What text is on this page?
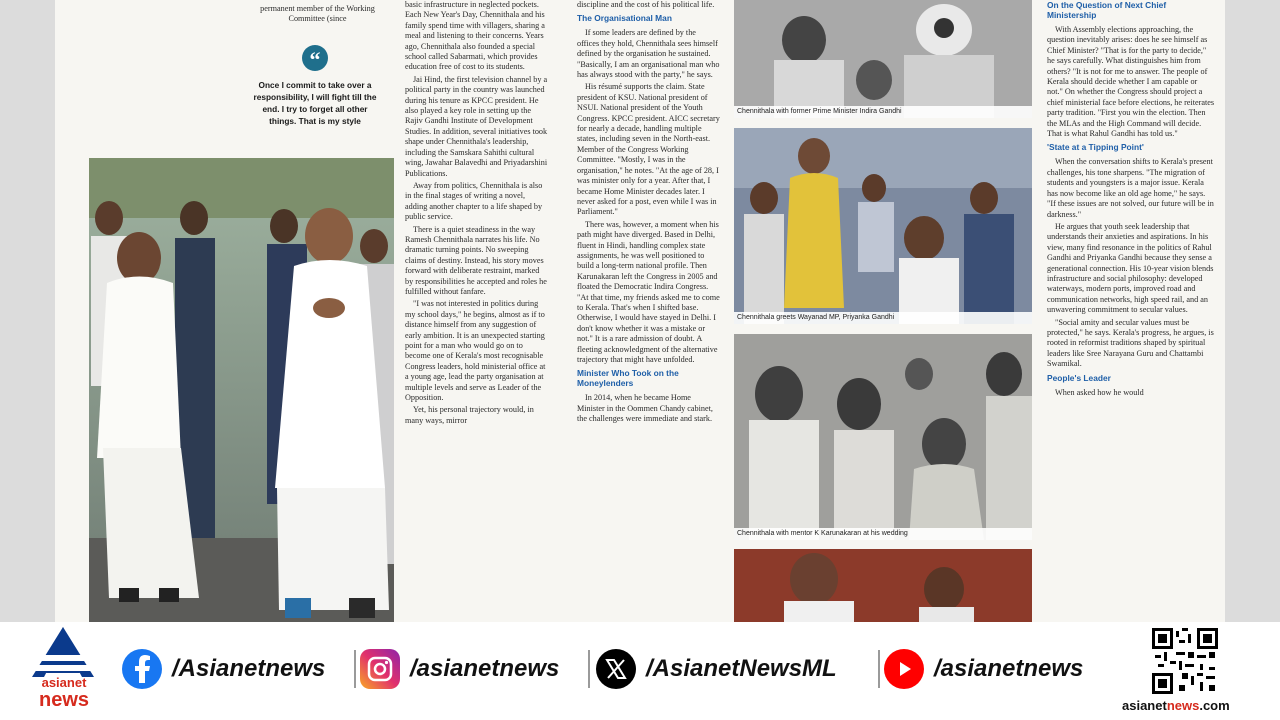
permanent member of the Working Committee (since
“
Once I commit to take over a responsibility, I will fight till the end. I try to forget all other things. That is my style

basic infrastructure in neglected pockets. Each New Year's Day, Chennithala and his family spend time with villagers, sharing a meal and listening to their concerns. Years ago, Chennithala also founded a special school called Sabarmati, which provides education free of cost to its students.

Jai Hind, the first television channel by a political party in the country was launched during his tenure as KPCC president. He also played a key role in setting up the Rajiv Gandhi Institute of Development Studies. In addition, several initiatives took shape under Chennithala's leadership, including the Samskara Sahithi cultural wing, Jawahar Balavedhi and Priyadarshini Publications.

Away from politics, Chennithala is also in the final stages of writing a novel, adding another chapter to a life shaped by public service.

There is a quiet steadiness in the way Ramesh Chennithala narrates his life. No dramatic turning points. No sweeping claims of destiny. Instead, his story moves forward with deliberate restraint, marked by responsibilities he accepted and roles he fulfilled without fanfare.

"I was not interested in politics during my school days," he begins, almost as if to distance himself from any suggestion of early ambition. It is an unexpected starting point for a man who would go on to become one of Kerala's most recognisable Congress leaders, hold ministerial office at a young age, lead the party organisation at multiple levels and serve as Leader of the Opposition.

Yet, his personal trajectory would, in many ways, mirror

discipline and the cost of his political life.

The Organisational Man

If some leaders are defined by the offices they hold, Chennithala sees himself defined by the organisation he sustained. "Basically, I am an organisational man who has always stood with the party," he says.

His résumé supports the claim. State president of KSU. National president of NSUI. National president of the Youth Congress. KPCC president. AICC secretary for nearly a decade, handling multiple states, including seven in the North-east. Member of the Congress Working Committee. "Mostly, I was in the organisation," he notes. "At the age of 28, I was minister only for a year. After that, I became Home Minister decades later. I never asked for a post, even while I was in Parliament."

There was, however, a moment when his path might have diverged. Based in Delhi, fluent in Hindi, handling complex state assignments, he was well positioned to build a long-term national profile. Then Karunakaran left the Congress in 2005 and floated the Democratic Indira Congress. "At that time, my friends asked me to come to Kerala. That's when I shifted base. Otherwise, I would have stayed in Delhi. I don't know whether it was a mistake or not." It is a rare admission of doubt. A fleeting acknowledgment of the alternative trajectory that might have unfolded.

Minister Who Took on the Moneylenders

In 2014, when he became Home Minister in the Oommen Chandy cabinet, the challenges were immediate and stark.

Chennithala with former Prime Minister Indira Gandhi
Chennithala greets Wayanad MP, Priyanka Gandhi
Chennithala with mentor K Karunakaran at his wedding
On the Question of Next Chief Ministership

With Assembly elections approaching, the question inevitably arises: does he see himself as Chief Minister? "That is for the party to decide," he says carefully. What distinguishes him from others? "It is not for me to answer. The people of Kerala should decide whether I am capable or not." On whether the Congress should project a chief ministerial face before elections, he reiterates party tradition. "First you win the election. Then the MLAs and the High Command will decide. That is what Rahul Gandhi has told us."

'State at a Tipping Point'

When the conversation shifts to Kerala's present challenges, his tone sharpens. "The migration of students and youngsters is a major issue. Kerala has now become like an old age home," he says. "If these issues are not solved, our future will be in darkness."

He argues that youth seek leadership that understands their anxieties and aspirations. In his view, many find resonance in the politics of Rahul Gandhi and Priyanka Gandhi because they sense a generational connection. His 10-year vision blends infrastructure and social philosophy: developed waterways, modern ports, improved road and communication networks, high speed rail, and an unwavering commitment to secular values.

"Social amity and secular values must be protected," he says. Kerala's progress, he argues, is rooted in reformist traditions shaped by spiritual leaders like Sree Narayana Guru and Chattambi Swamikal.

People's Leader

When asked how he would

asianet
news
/Asianetnews	/asianetnews	/AsianetNewsML	/asianetnews
asianetnews.com
